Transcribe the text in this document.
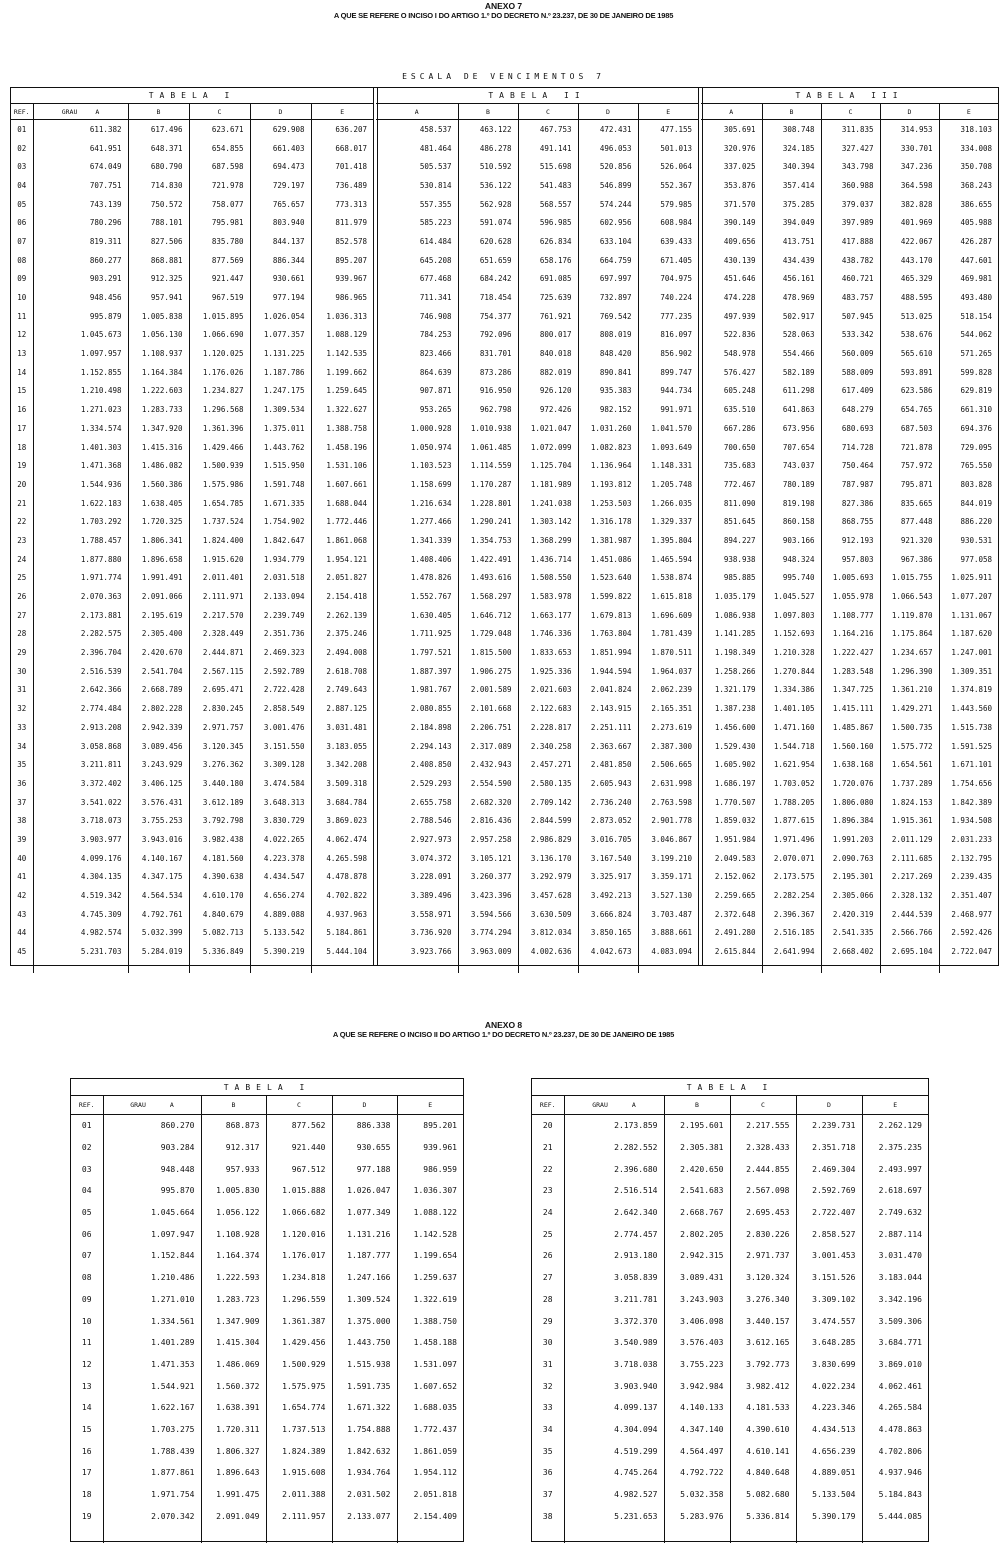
ANEXO 7
A QUE SE REFERE O INCISO I DO ARTIGO 1.º DO DECRETO N.º 23.237, DE 30 DE JANEIRO DE 1985
ESCALA DE VENCIMENTOS 7
TABELA I					
REF.	GRAU A	B	C	D	E
01	611.382	617.496	623.671	629.908	636.207
02	641.951	648.371	654.855	661.403	668.017
03	674.049	680.790	687.598	694.473	701.418
04	707.751	714.830	721.978	729.197	736.489
05	743.139	750.572	758.077	765.657	773.313
06	780.296	788.101	795.981	803.940	811.979
07	819.311	827.506	835.780	844.137	852.578
08	860.277	868.881	877.569	886.344	895.207
09	903.291	912.325	921.447	930.661	939.967
10	948.456	957.941	967.519	977.194	986.965
11	995.879	1.005.838	1.015.895	1.026.054	1.036.313
12	1.045.673	1.056.130	1.066.690	1.077.357	1.088.129
13	1.097.957	1.108.937	1.120.025	1.131.225	1.142.535
14	1.152.855	1.164.384	1.176.026	1.187.786	1.199.662
15	1.210.498	1.222.603	1.234.827	1.247.175	1.259.645
16	1.271.023	1.283.733	1.296.568	1.309.534	1.322.627
17	1.334.574	1.347.920	1.361.396	1.375.011	1.388.758
18	1.401.303	1.415.316	1.429.466	1.443.762	1.458.196
19	1.471.368	1.486.082	1.500.939	1.515.950	1.531.106
20	1.544.936	1.560.386	1.575.986	1.591.748	1.607.661
21	1.622.183	1.638.405	1.654.785	1.671.335	1.688.044
22	1.703.292	1.720.325	1.737.524	1.754.902	1.772.446
23	1.788.457	1.806.341	1.824.400	1.842.647	1.861.068
24	1.877.880	1.896.658	1.915.620	1.934.779	1.954.121
25	1.971.774	1.991.491	2.011.401	2.031.518	2.051.827
26	2.070.363	2.091.066	2.111.971	2.133.094	2.154.418
27	2.173.881	2.195.619	2.217.570	2.239.749	2.262.139
28	2.282.575	2.305.400	2.328.449	2.351.736	2.375.246
29	2.396.704	2.420.670	2.444.871	2.469.323	2.494.008
30	2.516.539	2.541.704	2.567.115	2.592.789	2.618.708
31	2.642.366	2.668.789	2.695.471	2.722.428	2.749.643
32	2.774.484	2.802.228	2.830.245	2.858.549	2.887.125
33	2.913.208	2.942.339	2.971.757	3.001.476	3.031.481
34	3.058.868	3.089.456	3.120.345	3.151.550	3.183.055
35	3.211.811	3.243.929	3.276.362	3.309.128	3.342.208
36	3.372.402	3.406.125	3.440.180	3.474.584	3.509.318
37	3.541.022	3.576.431	3.612.189	3.648.313	3.684.784
38	3.718.073	3.755.253	3.792.798	3.830.729	3.869.023
39	3.903.977	3.943.016	3.982.438	4.022.265	4.062.474
40	4.099.176	4.140.167	4.181.560	4.223.378	4.265.598
41	4.304.135	4.347.175	4.390.638	4.434.547	4.478.878
42	4.519.342	4.564.534	4.610.170	4.656.274	4.702.822
43	4.745.309	4.792.761	4.840.679	4.889.088	4.937.963
44	4.982.574	5.032.399	5.082.713	5.133.542	5.184.861
45	5.231.703	5.284.019	5.336.849	5.390.219	5.444.104

TABELA II				
A	B	C	D	E
458.537	463.122	467.753	472.431	477.155
481.464	486.278	491.141	496.053	501.013
505.537	510.592	515.698	520.856	526.064
530.814	536.122	541.483	546.899	552.367
557.355	562.928	568.557	574.244	579.985
585.223	591.074	596.985	602.956	608.984
614.484	620.628	626.834	633.104	639.433
645.208	651.659	658.176	664.759	671.405
677.468	684.242	691.085	697.997	704.975
711.341	718.454	725.639	732.897	740.224
746.908	754.377	761.921	769.542	777.235
784.253	792.096	800.017	808.019	816.097
823.466	831.701	840.018	848.420	856.902
864.639	873.286	882.019	890.841	899.747
907.871	916.950	926.120	935.383	944.734
953.265	962.798	972.426	982.152	991.971
1.000.928	1.010.938	1.021.047	1.031.260	1.041.570
1.050.974	1.061.485	1.072.099	1.082.823	1.093.649
1.103.523	1.114.559	1.125.704	1.136.964	1.148.331
1.158.699	1.170.287	1.181.989	1.193.812	1.205.748
1.216.634	1.228.801	1.241.038	1.253.503	1.266.035
1.277.466	1.290.241	1.303.142	1.316.178	1.329.337
1.341.339	1.354.753	1.368.299	1.381.987	1.395.804
1.408.406	1.422.491	1.436.714	1.451.086	1.465.594
1.478.826	1.493.616	1.508.550	1.523.640	1.538.874
1.552.767	1.568.297	1.583.978	1.599.822	1.615.818
1.630.405	1.646.712	1.663.177	1.679.813	1.696.609
1.711.925	1.729.048	1.746.336	1.763.804	1.781.439
1.797.521	1.815.500	1.833.653	1.851.994	1.870.511
1.887.397	1.906.275	1.925.336	1.944.594	1.964.037
1.981.767	2.001.589	2.021.603	2.041.824	2.062.239
2.080.855	2.101.668	2.122.683	2.143.915	2.165.351
2.184.898	2.206.751	2.228.817	2.251.111	2.273.619
2.294.143	2.317.089	2.340.258	2.363.667	2.387.300
2.408.850	2.432.943	2.457.271	2.481.850	2.506.665
2.529.293	2.554.590	2.580.135	2.605.943	2.631.998
2.655.758	2.682.320	2.709.142	2.736.240	2.763.598
2.788.546	2.816.436	2.844.599	2.873.052	2.901.778
2.927.973	2.957.258	2.986.829	3.016.705	3.046.867
3.074.372	3.105.121	3.136.170	3.167.540	3.199.210
3.228.091	3.260.377	3.292.979	3.325.917	3.359.171
3.389.496	3.423.396	3.457.628	3.492.213	3.527.130
3.558.971	3.594.566	3.630.509	3.666.824	3.703.487
3.736.920	3.774.294	3.812.034	3.850.165	3.888.661
3.923.766	3.963.009	4.002.636	4.042.673	4.083.094

TABELA III				
A	B	C	D	E
305.691	308.748	311.835	314.953	318.103
320.976	324.185	327.427	330.701	334.008
337.025	340.394	343.798	347.236	350.708
353.876	357.414	360.988	364.598	368.243
371.570	375.285	379.037	382.828	386.655
390.149	394.049	397.989	401.969	405.988
409.656	413.751	417.888	422.067	426.287
430.139	434.439	438.782	443.170	447.601
451.646	456.161	460.721	465.329	469.981
474.228	478.969	483.757	488.595	493.480
497.939	502.917	507.945	513.025	518.154
522.836	528.063	533.342	538.676	544.062
548.978	554.466	560.009	565.610	571.265
576.427	582.189	588.009	593.891	599.828
605.248	611.298	617.409	623.586	629.819
635.510	641.863	648.279	654.765	661.310
667.286	673.956	680.693	687.503	694.376
700.650	707.654	714.728	721.878	729.095
735.683	743.037	750.464	757.972	765.550
772.467	780.189	787.987	795.871	803.828
811.090	819.198	827.386	835.665	844.019
851.645	860.158	868.755	877.448	886.220
894.227	903.166	912.193	921.320	930.531
938.938	948.324	957.803	967.386	977.058
985.885	995.740	1.005.693	1.015.755	1.025.911
1.035.179	1.045.527	1.055.978	1.066.543	1.077.207
1.086.938	1.097.803	1.108.777	1.119.870	1.131.067
1.141.285	1.152.693	1.164.216	1.175.864	1.187.620
1.198.349	1.210.328	1.222.427	1.234.657	1.247.001
1.258.266	1.270.844	1.283.548	1.296.390	1.309.351
1.321.179	1.334.386	1.347.725	1.361.210	1.374.819
1.387.238	1.401.105	1.415.111	1.429.271	1.443.560
1.456.600	1.471.160	1.485.867	1.500.735	1.515.738
1.529.430	1.544.718	1.560.160	1.575.772	1.591.525
1.605.902	1.621.954	1.638.168	1.654.561	1.671.101
1.686.197	1.703.052	1.720.076	1.737.289	1.754.656
1.770.507	1.788.205	1.806.080	1.824.153	1.842.389
1.859.032	1.877.615	1.896.384	1.915.361	1.934.508
1.951.984	1.971.496	1.991.203	2.011.129	2.031.233
2.049.583	2.070.071	2.090.763	2.111.685	2.132.795
2.152.062	2.173.575	2.195.301	2.217.269	2.239.435
2.259.665	2.282.254	2.305.066	2.328.132	2.351.407
2.372.648	2.396.367	2.420.319	2.444.539	2.468.977
2.491.280	2.516.185	2.541.335	2.566.766	2.592.426
2.615.844	2.641.994	2.668.402	2.695.104	2.722.047

ANEXO 8
A QUE SE REFERE O INCISO II DO ARTIGO 1.º DO DECRETO N.º 23.237, DE 30 DE JANEIRO DE 1985
TABELA I					
REF.	GRAU A	B	C	D	E
01	860.270	868.873	877.562	886.338	895.201
02	903.284	912.317	921.440	930.655	939.961
03	948.448	957.933	967.512	977.188	986.959
04	995.870	1.005.830	1.015.888	1.026.047	1.036.307
05	1.045.664	1.056.122	1.066.682	1.077.349	1.088.122
06	1.097.947	1.108.928	1.120.016	1.131.216	1.142.528
07	1.152.844	1.164.374	1.176.017	1.187.777	1.199.654
08	1.210.486	1.222.593	1.234.818	1.247.166	1.259.637
09	1.271.010	1.283.723	1.296.559	1.309.524	1.322.619
10	1.334.561	1.347.909	1.361.387	1.375.000	1.388.750
11	1.401.289	1.415.304	1.429.456	1.443.750	1.458.188
12	1.471.353	1.486.069	1.500.929	1.515.938	1.531.097
13	1.544.921	1.560.372	1.575.975	1.591.735	1.607.652
14	1.622.167	1.638.391	1.654.774	1.671.322	1.688.035
15	1.703.275	1.720.311	1.737.513	1.754.888	1.772.437
16	1.788.439	1.806.327	1.824.389	1.842.632	1.861.059
17	1.877.861	1.896.643	1.915.608	1.934.764	1.954.112
18	1.971.754	1.991.475	2.011.388	2.031.502	2.051.818
19	2.070.342	2.091.049	2.111.957	2.133.077	2.154.409

TABELA I					
REF.	GRAU A	B	C	D	E
20	2.173.859	2.195.601	2.217.555	2.239.731	2.262.129
21	2.282.552	2.305.381	2.328.433	2.351.718	2.375.235
22	2.396.680	2.420.650	2.444.855	2.469.304	2.493.997
23	2.516.514	2.541.683	2.567.098	2.592.769	2.618.697
24	2.642.340	2.668.767	2.695.453	2.722.407	2.749.632
25	2.774.457	2.802.205	2.830.226	2.858.527	2.887.114
26	2.913.180	2.942.315	2.971.737	3.001.453	3.031.470
27	3.058.839	3.089.431	3.120.324	3.151.526	3.183.044
28	3.211.781	3.243.903	3.276.340	3.309.102	3.342.196
29	3.372.370	3.406.098	3.440.157	3.474.557	3.509.306
30	3.540.989	3.576.403	3.612.165	3.648.285	3.684.771
31	3.718.038	3.755.223	3.792.773	3.830.699	3.869.010
32	3.903.940	3.942.984	3.982.412	4.022.234	4.062.461
33	4.099.137	4.140.133	4.181.533	4.223.346	4.265.584
34	4.304.094	4.347.140	4.390.610	4.434.513	4.478.863
35	4.519.299	4.564.497	4.610.141	4.656.239	4.702.806
36	4.745.264	4.792.722	4.840.648	4.889.051	4.937.946
37	4.982.527	5.032.358	5.082.680	5.133.504	5.184.843
38	5.231.653	5.283.976	5.336.814	5.390.179	5.444.085
